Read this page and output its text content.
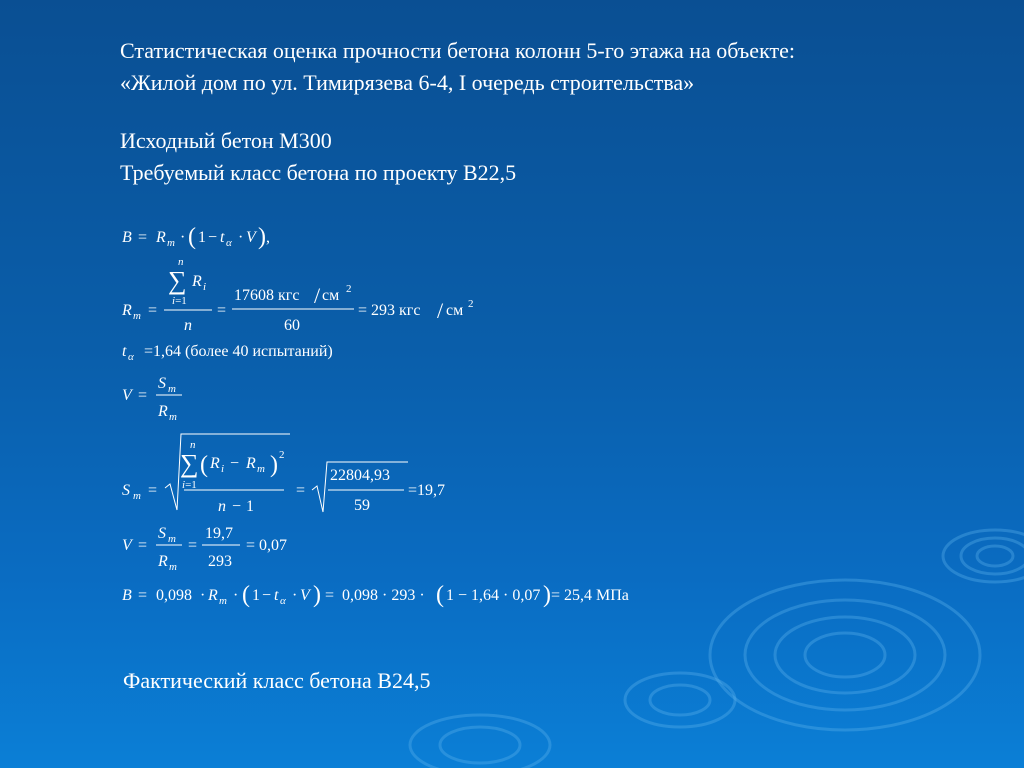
Статистическая оценка прочности бетона колонн 5-го этажа на объекте:
«Жилой дом по ул. Тимирязева 6-4, I очередь строительства»
Исходный бетон М300
Требуемый класс бетона по проекту В22,5
B = R m · ( 1 − t α · V ) ,
n
∑ R i
i=1
n
R m =	=
17608 кгс / см 2
60
= 293 кгс / см 2
t α =1,64 (более 40 испытаний)
V =
S m
R m
S m =
n
∑
i=1
( R i − R m ) 2
n − 1
=
22804,93
59
=19,7
V =
S m
R m
=
19,7
293
= 0,07
B = 0,098 · R m · ( 1 − t α · V ) = 0,098 · 293 · ( 1 − 1,64 · 0,07 ) = 25,4 МПа
Фактический класс бетона В24,5
